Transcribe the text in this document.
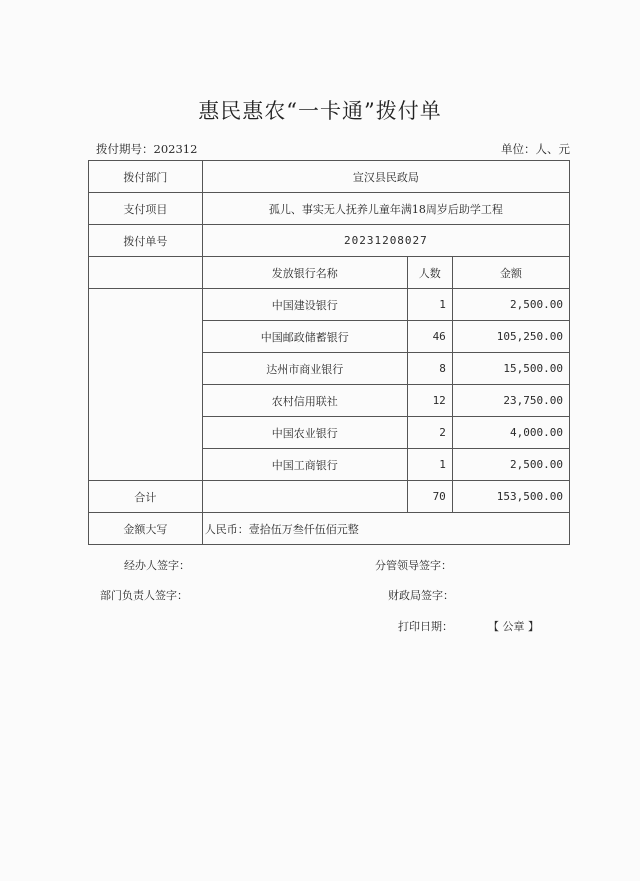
惠民惠农“一卡通”拨付单
拨付期号：202312	单位：人、元
拨付部门	宣汉县民政局		
支付项目	孤儿、事实无人抚养儿童年满18周岁后助学工程		
拨付单号	20231208027		
	发放银行名称	人数	金额
	中国建设银行	1	2,500.00
	中国邮政储蓄银行	46	105,250.00
	达州市商业银行	8	15,500.00
	农村信用联社	12	23,750.00
	中国农业银行	2	4,000.00
	中国工商银行	1	2,500.00
合计		70	153,500.00
金额大写	人民币：壹拾伍万叁仟伍佰元整		
经办人签字：	分管领导签字：
部门负责人签字：	财政局签字：
打印日期：	【 公章 】
